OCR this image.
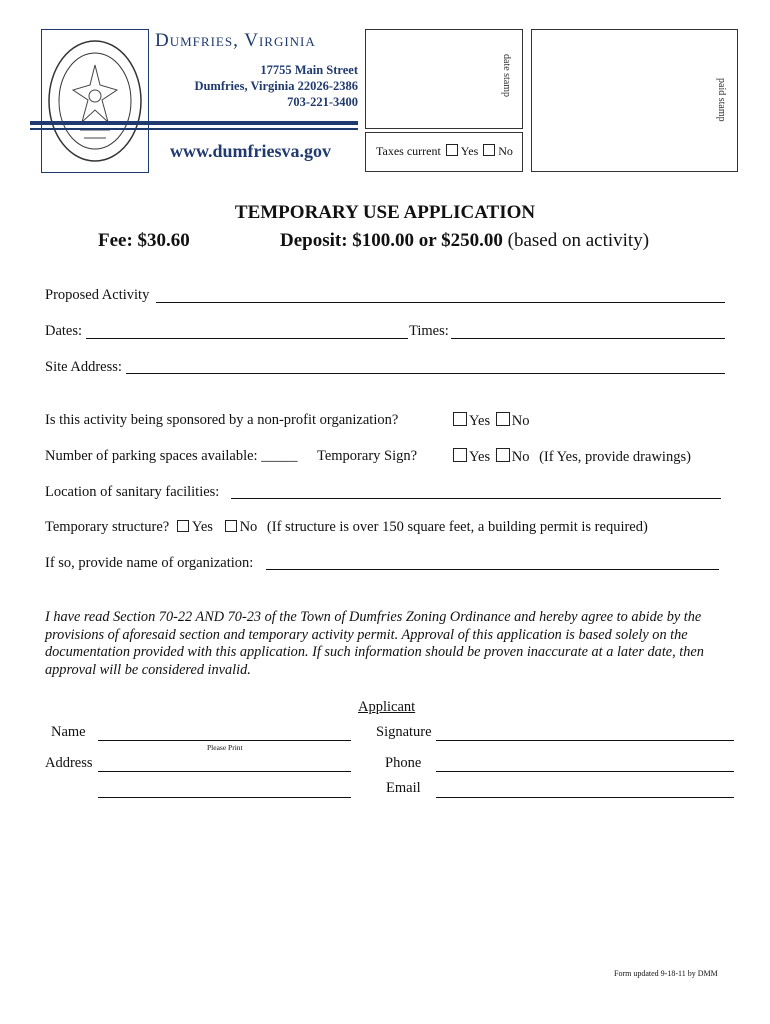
Dumfries, Virginia
17755 Main Street
Dumfries, Virginia 22026-2386
703-221-3400
www.dumfriesva.gov
date stamp
Taxes current Yes No
paid stamp
TEMPORARY USE APPLICATION
Fee: $30.60	Deposit: $100.00 or $250.00 (based on activity)
Proposed Activity
Dates:	Times:
Site Address:
Is this activity being sponsored by a non-profit organization?	Yes No
Number of parking spaces available: _____ Temporary Sign?	Yes No (If Yes, provide drawings)
Location of sanitary facilities:
Temporary structure? Yes No (If structure is over 150 square feet, a building permit is required)
If so, provide name of organization:
I have read Section 70-22 AND 70-23 of the Town of Dumfries Zoning Ordinance and hereby agree to abide by the provisions of aforesaid section and temporary activity permit. Approval of this application is based solely on the documentation provided with this application. If such information should be proven inaccurate at a later date, then approval will be considered invalid.
Applicant
Name
Please Print
Signature
Address	Phone
Email
Form updated 9-18-11 by DMM
